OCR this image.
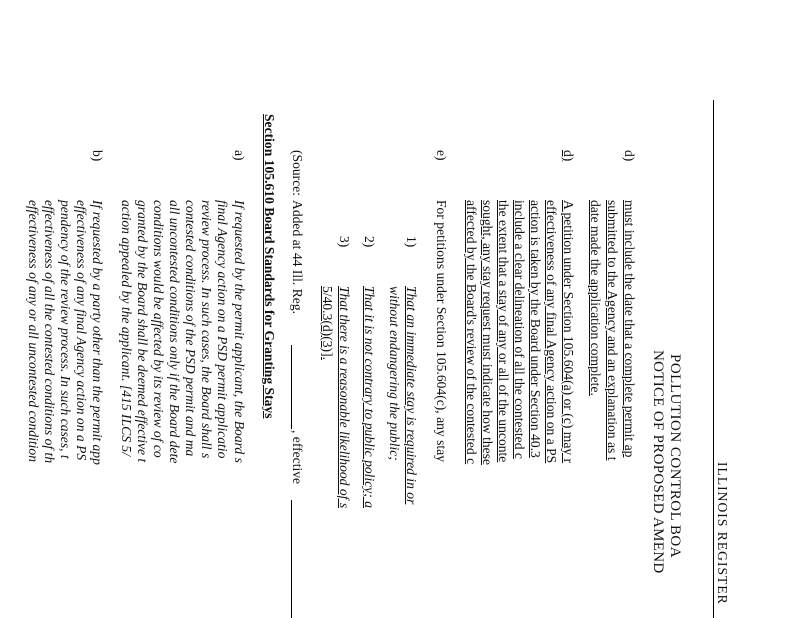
ILLINOIS REGISTER
POLLUTION CONTROL BOA
NOTICE OF PROPOSED AMEND
d)
must include the date that a complete permit ap
submitted to the Agency and an explanation as t
date made the application complete.
d)
A petition under Section 105.604(a) or (c) may r
effectiveness of any final Agency action on a PS
action is taken by the Board under Section 40.3
include a clear delineation of all the contested c
the extent that a stay of any or all of the unconte
sought, any stay request must indicate how these
affected by the Board's review of the contested c
e)
For petitions under Section 105.604(c), any stay
1)
That an immediate stay is required in or
without endangering the public;
2)
That it is not contrary to public policy; a
3)
That there is a reasonable likelihood of s
5/40.3(d)(3)].
(Source:
Added at 44 Ill. Reg.
, effective
Section 105.610 Board Standards for Granting Stays
a)
If requested by the permit applicant, the Board s
final Agency action on a PSD permit applicatio
review process. In such cases, the Board shall s
contested conditions of the PSD permit and ma
all uncontested conditions only if the Board dete
conditions would be affected by its review of co
granted by the Board shall be deemed effective t
action appealed by the applicant. [415 ILCS 5/
b)
If requested by a party other than the permit app
effectiveness of any final Agency action on a PS
pendency of the review process. In such cases, t
effectiveness of all the contested conditions of th
effectiveness of any or all uncontested condition
